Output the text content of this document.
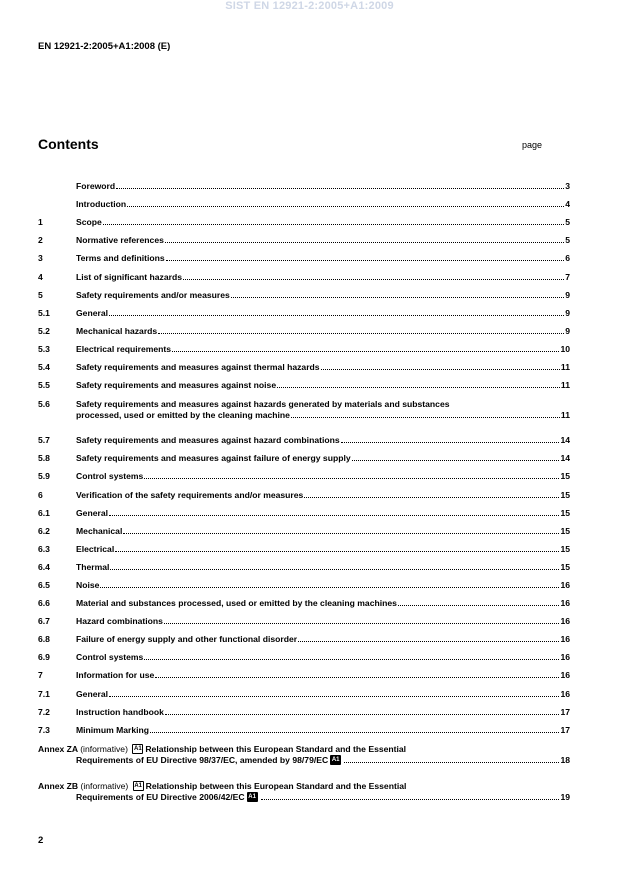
SIST EN 12921-2:2005+A1:2009
EN 12921-2:2005+A1:2008 (E)
Contents	page
Foreword	3
Introduction	4
1	Scope	5
2	Normative references	5
3	Terms and definitions	6
4	List of significant hazards	7
5	Safety requirements and/or measures	9
5.1	General	9
5.2	Mechanical hazards	9
5.3	Electrical requirements	10
5.4	Safety requirements and measures against thermal hazards	11
5.5	Safety requirements and measures against noise	11
5.6	Safety requirements and measures against hazards generated by materials and substances
processed, used or emitted by the cleaning machine	11
5.7	Safety requirements and measures against hazard combinations	14
5.8	Safety requirements and measures against failure of energy supply	14
5.9	Control systems	15
6	Verification of the safety requirements and/or measures	15
6.1	General	15
6.2	Mechanical	15
6.3	Electrical	15
6.4	Thermal	15
6.5	Noise	16
6.6	Material and substances processed, used or emitted by the cleaning machines	16
6.7	Hazard combinations	16
6.8	Failure of energy supply and other functional disorder	16
6.9	Control systems	16
7	Information for use	16
7.1	General	16
7.2	Instruction handbook	17
7.3	Minimum Marking	17
Annex ZA (informative) A1 Relationship between this European Standard and the Essential
Requirements of EU Directive 98/37/EC, amended by 98/79/EC A1	18
Annex ZB (informative) A1 Relationship between this European Standard and the Essential
Requirements of EU Directive 2006/42/EC A1	19
2
